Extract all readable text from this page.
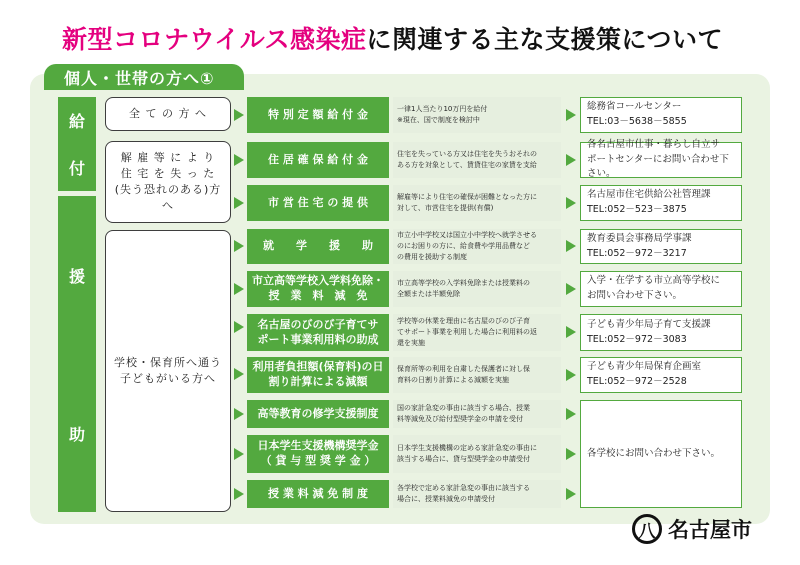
新型コロナウイルス感染症 に関連する主な支援策について
個人・世帯の方へ①
給
付
援
助
全 て の 方 へ
解 雇 等 に よ り
住 宅 を 失 っ た
(失う恐れのある)方へ
学校・保育所へ通う
子どもがいる方へ
特 別 定 額 給 付 金
住 居 確 保 給 付 金
市 営 住 宅 の 提 供
就　　学　　援　　助
市立高等学校入学料免除・
授　業　料　減　免
名古屋のびのび子育てサ
ポート事業利用料の助成
利用者負担額(保育料)の日
割り計算による減額
高等教育の修学支援制度
日本学生支援機構奨学金
（ 貸 与 型 奨 学 金 ）
授 業 料 減 免 制 度
一律1人当たり10万円を給付
※現在、国で制度を検討中
住宅を失っている方又は住宅を失うおそれの
ある方を対象として、賃貸住宅の家賃を支給
解雇等により住宅の確保が困難となった方に
対して、市営住宅を提供(有償)
市立小中学校又は国立小中学校へ就学させる
のにお困りの方に、給食費や学用品費など
の費用を援助する制度
市立高等学校の入学料免除または授業料の
全額または半額免除
学校等の休業を理由に名古屋のびのび子育
てサポート事業を利用した場合に利用料の返
還を実施
保育所等の利用を自粛した保護者に対し保
育料の日割り計算による減額を実施
国の家計急変の事由に該当する場合、授業
料等減免及び給付型奨学金の申請を受付
日本学生支援機構の定める家計急変の事由に
該当する場合に、貸与型奨学金の申請受付
各学校で定める家計急変の事由に該当する
場合に、授業料減免の申請受付
総務省コールセンター
TEL:03－5638－5855
各名古屋市仕事・暮らし自立サ
ポートセンターにお問い合わせ下さい。
名古屋市住宅供給公社管理課
TEL:052－523－3875
教育委員会事務局学事課
TEL:052－972－3217
入学・在学する市立高等学校に
お問い合わせ下さい。
子ども青少年局子育て支援課
TEL:052－972－3083
子ども青少年局保育企画室
TEL:052－972－2528
各学校にお問い合わせ下さい。
八 名古屋市
